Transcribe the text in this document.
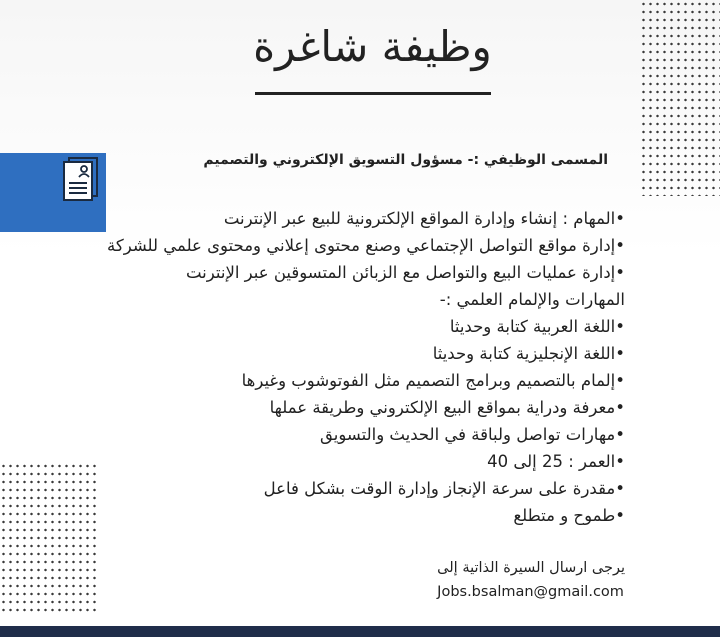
وظيفة شاغرة
المسمى الوظيفي :- مسؤول التسويق الإلكتروني والتصميم
•المهام : إنشاء وإدارة المواقع الإلكترونية للبيع عبر الإنترنت
•إدارة مواقع التواصل الإجتماعي وصنع محتوى إعلاني ومحتوى علمي للشركة
•إدارة عمليات البيع والتواصل مع الزبائن المتسوقين عبر الإنترنت
المهارات والإلمام العلمي :-
•اللغة العربية كتابة وحديثا
•اللغة الإنجليزية كتابة وحديثا
•إلمام بالتصميم وبرامج التصميم مثل الفوتوشوب وغيرها
•معرفة ودراية بمواقع البيع الإلكتروني وطريقة عملها
•مهارات تواصل ولباقة في الحديث والتسويق
•العمر : 25 إلى 40
•مقدرة على سرعة الإنجاز وإدارة الوقت بشكل فاعل
•طموح و متطلع
يرجى ارسال السيرة الذاتية إلى
Jobs.bsalman@gmail.com
